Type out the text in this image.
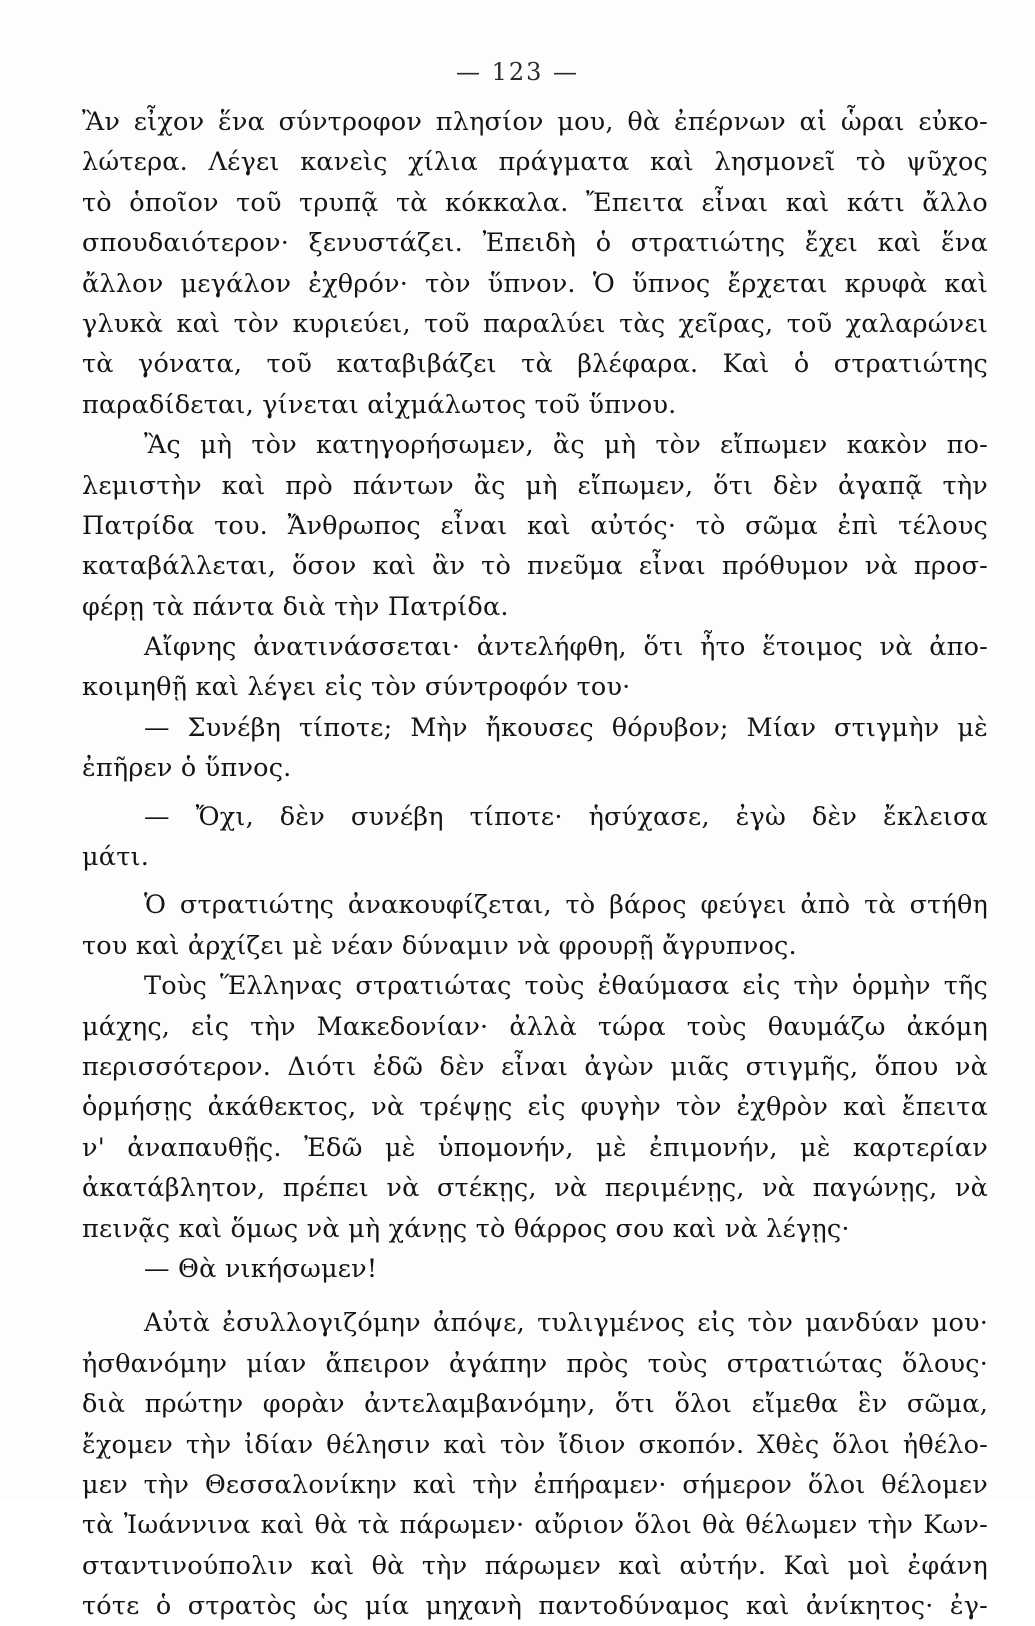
— 123 —
Ἂν εἶχον ἕνα σύντροφον πλησίον μου, θὰ ἐπέρνων αἱ ὧραι εὐκο-
λώτερα. Λέγει κανεὶς χίλια πράγματα καὶ λησμονεῖ τὸ ψῦχος
τὸ ὁποῖον τοῦ τρυπᾷ τὰ κόκκαλα. Ἔπειτα εἶναι καὶ κάτι ἄλλο
σπουδαιότερον· ξενυστάζει. Ἐπειδὴ ὁ στρατιώτης ἔχει καὶ ἕνα
ἄλλον μεγάλον ἐχθρόν· τὸν ὕπνον. Ὁ ὕπνος ἔρχεται κρυφὰ καὶ
γλυκὰ καὶ τὸν κυριεύει, τοῦ παραλύει τὰς χεῖρας, τοῦ χαλαρώνει
τὰ γόνατα, τοῦ καταβιβάζει τὰ βλέφαρα. Καὶ ὁ στρατιώτης
παραδίδεται, γίνεται αἰχμάλωτος τοῦ ὕπνου.
Ἂς μὴ τὸν κατηγορήσωμεν, ἂς μὴ τὸν εἴπωμεν κακὸν πο-
λεμιστὴν καὶ πρὸ πάντων ἂς μὴ εἴπωμεν, ὅτι δὲν ἀγαπᾷ τὴν
Πατρίδα του. Ἄνθρωπος εἶναι καὶ αὐτός· τὸ σῶμα ἐπὶ τέλους
καταβάλλεται, ὅσον καὶ ἂν τὸ πνεῦμα εἶναι πρόθυμον νὰ προσ-
φέρῃ τὰ πάντα διὰ τὴν Πατρίδα.
Αἴφνης ἀνατινάσσεται· ἀντελήφθη, ὅτι ἦτο ἕτοιμος νὰ ἀπο-
κοιμηθῇ καὶ λέγει εἰς τὸν σύντροφόν του·
— Συνέβη τίποτε; Μὴν ἤκουσες θόρυβον; Μίαν στιγμὴν μὲ
ἐπῆρεν ὁ ὕπνος.
— Ὄχι, δὲν συνέβη τίποτε· ἡσύχασε, ἐγὼ δὲν ἔκλεισα
μάτι.
Ὁ στρατιώτης ἀνακουφίζεται, τὸ βάρος φεύγει ἀπὸ τὰ στήθη
του καὶ ἀρχίζει μὲ νέαν δύναμιν νὰ φρουρῇ ἄγρυπνος.
Τοὺς Ἕλληνας στρατιώτας τοὺς ἐθαύμασα εἰς τὴν ὁρμὴν τῆς
μάχης, εἰς τὴν Μακεδονίαν· ἀλλὰ τώρα τοὺς θαυμάζω ἀκόμη
περισσότερον. Διότι ἐδῶ δὲν εἶναι ἀγὼν μιᾶς στιγμῆς, ὅπου νὰ
ὁρμήσῃς ἀκάθεκτος, νὰ τρέψῃς εἰς φυγὴν τὸν ἐχθρὸν καὶ ἔπειτα
ν' ἀναπαυθῇς. Ἐδῶ μὲ ὑπομονήν, μὲ ἐπιμονήν, μὲ καρτερίαν
ἀκατάβλητον, πρέπει νὰ στέκῃς, νὰ περιμένῃς, νὰ παγώνῃς, νὰ
πεινᾷς καὶ ὅμως νὰ μὴ χάνῃς τὸ θάρρος σου καὶ νὰ λέγῃς·
— Θὰ νικήσωμεν!
Αὐτὰ ἐσυλλογιζόμην ἀπόψε, τυλιγμένος εἰς τὸν μανδύαν μου·
ἠσθανόμην μίαν ἄπειρον ἀγάπην πρὸς τοὺς στρατιώτας ὅλους·
διὰ πρώτην φορὰν ἀντελαμβανόμην, ὅτι ὅλοι εἴμεθα ἓν σῶμα,
ἔχομεν τὴν ἰδίαν θέλησιν καὶ τὸν ἴδιον σκοπόν. Χθὲς ὅλοι ἠθέλο-
μεν τὴν Θεσσαλονίκην καὶ τὴν ἐπήραμεν· σήμερον ὅλοι θέλομεν
τὰ Ἰωάννινα καὶ θὰ τὰ πάρωμεν· αὔριον ὅλοι θὰ θέλωμεν τὴν Κων-
σταντινούπολιν καὶ θὰ τὴν πάρωμεν καὶ αὐτήν. Καὶ μοὶ ἐφάνη
τότε ὁ στρατὸς ὡς μία μηχανὴ παντοδύναμος καὶ ἀνίκητος· ἐγ-
